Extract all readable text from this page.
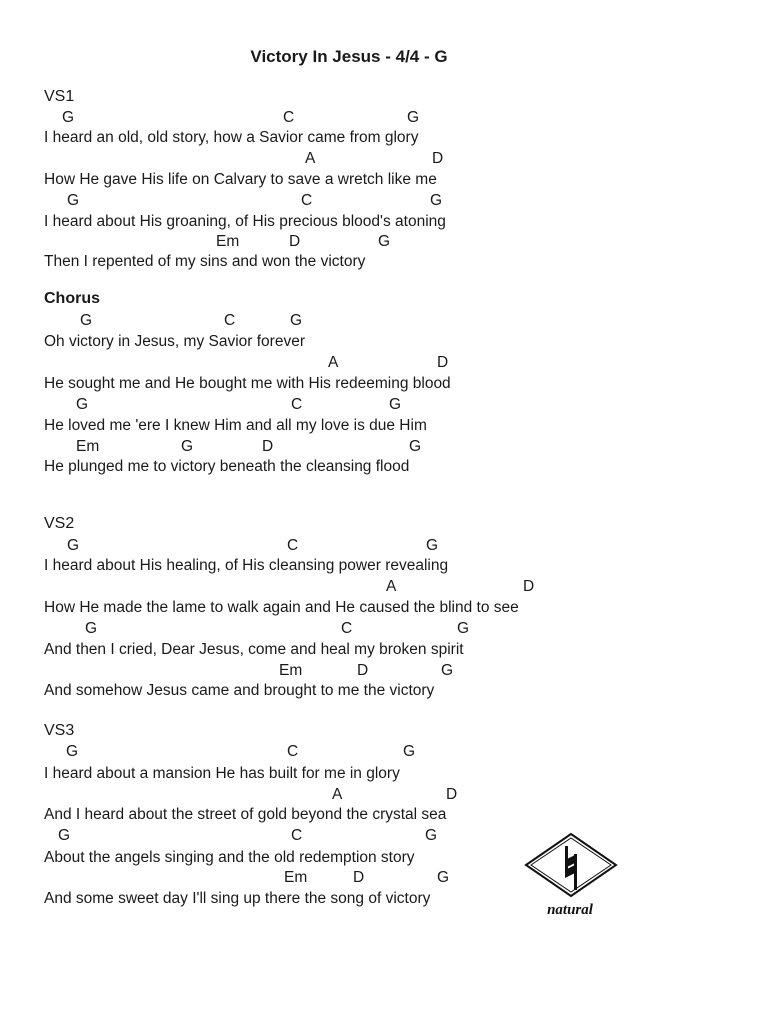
Victory In Jesus - 4/4 - G
VS1
G	C	G
I heard an old, old story, how a Savior came from glory
A	D
How He gave His life on Calvary to save a wretch like me
G	C	G
I heard about His groaning, of His precious blood's atoning
Em	D	G
Then I repented of my sins and won the victory
Chorus
G	C	G
Oh victory in Jesus, my Savior forever
A	D
He sought me and He bought me with His redeeming blood
G	C	G
He loved me 'ere I knew Him and all my love is due Him
Em	G	D	G
He plunged me to victory beneath the cleansing flood
VS2
G	C	G
I heard about His healing, of His cleansing power revealing
A	D
How He made the lame to walk again and He caused the blind to see
G	C	G
And then I cried, Dear Jesus, come and heal my broken spirit
Em	D	G
And somehow Jesus came and brought to me the victory
VS3
G	C	G
I heard about a mansion He has built for me in glory
A	D
And I heard about the street of gold beyond the crystal sea
G	C	G
About the angels singing and the old redemption story
Em	D	G
And some sweet day I'll sing up there the song of victory
natural
